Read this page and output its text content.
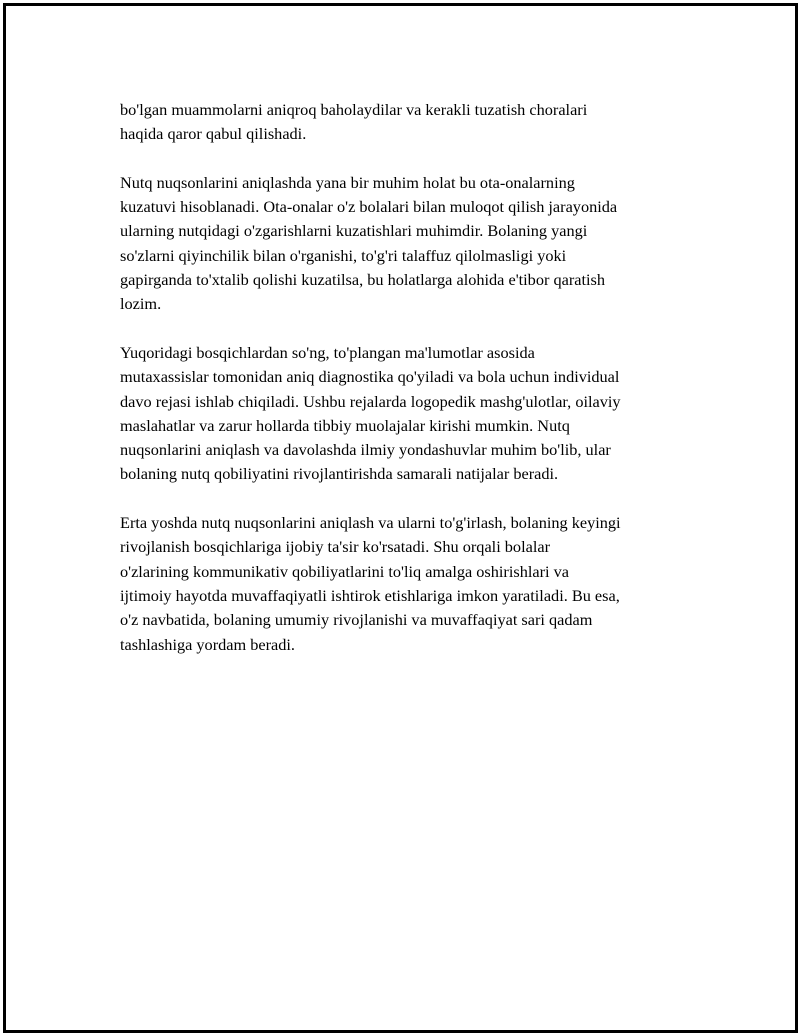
bo'lgan muammolarni aniqroq baholaydilar va kerakli tuzatish choralari
haqida qaror qabul qilishadi.

Nutq nuqsonlarini aniqlashda yana bir muhim holat bu ota-onalarning
kuzatuvi hisoblanadi. Ota-onalar o'z bolalari bilan muloqot qilish jarayonida
ularning nutqidagi o'zgarishlarni kuzatishlari muhimdir. Bolaning yangi
so'zlarni qiyinchilik bilan o'rganishi, to'g'ri talaffuz qilolmasligi yoki
gapirganda to'xtalib qolishi kuzatilsa, bu holatlarga alohida e'tibor qaratish
lozim.

Yuqoridagi bosqichlardan so'ng, to'plangan ma'lumotlar asosida
mutaxassislar tomonidan aniq diagnostika qo'yiladi va bola uchun individual
davo rejasi ishlab chiqiladi. Ushbu rejalarda logopedik mashg'ulotlar, oilaviy
maslahatlar va zarur hollarda tibbiy muolajalar kirishi mumkin. Nutq
nuqsonlarini aniqlash va davolashda ilmiy yondashuvlar muhim bo'lib, ular
bolaning nutq qobiliyatini rivojlantirishda samarali natijalar beradi.

Erta yoshda nutq nuqsonlarini aniqlash va ularni to'g'irlash, bolaning keyingi
rivojlanish bosqichlariga ijobiy ta'sir ko'rsatadi. Shu orqali bolalar
o'zlarining kommunikativ qobiliyatlarini to'liq amalga oshirishlari va
ijtimoiy hayotda muvaffaqiyatli ishtirok etishlariga imkon yaratiladi. Bu esa,
o'z navbatida, bolaning umumiy rivojlanishi va muvaffaqiyat sari qadam
tashlashiga yordam beradi.
